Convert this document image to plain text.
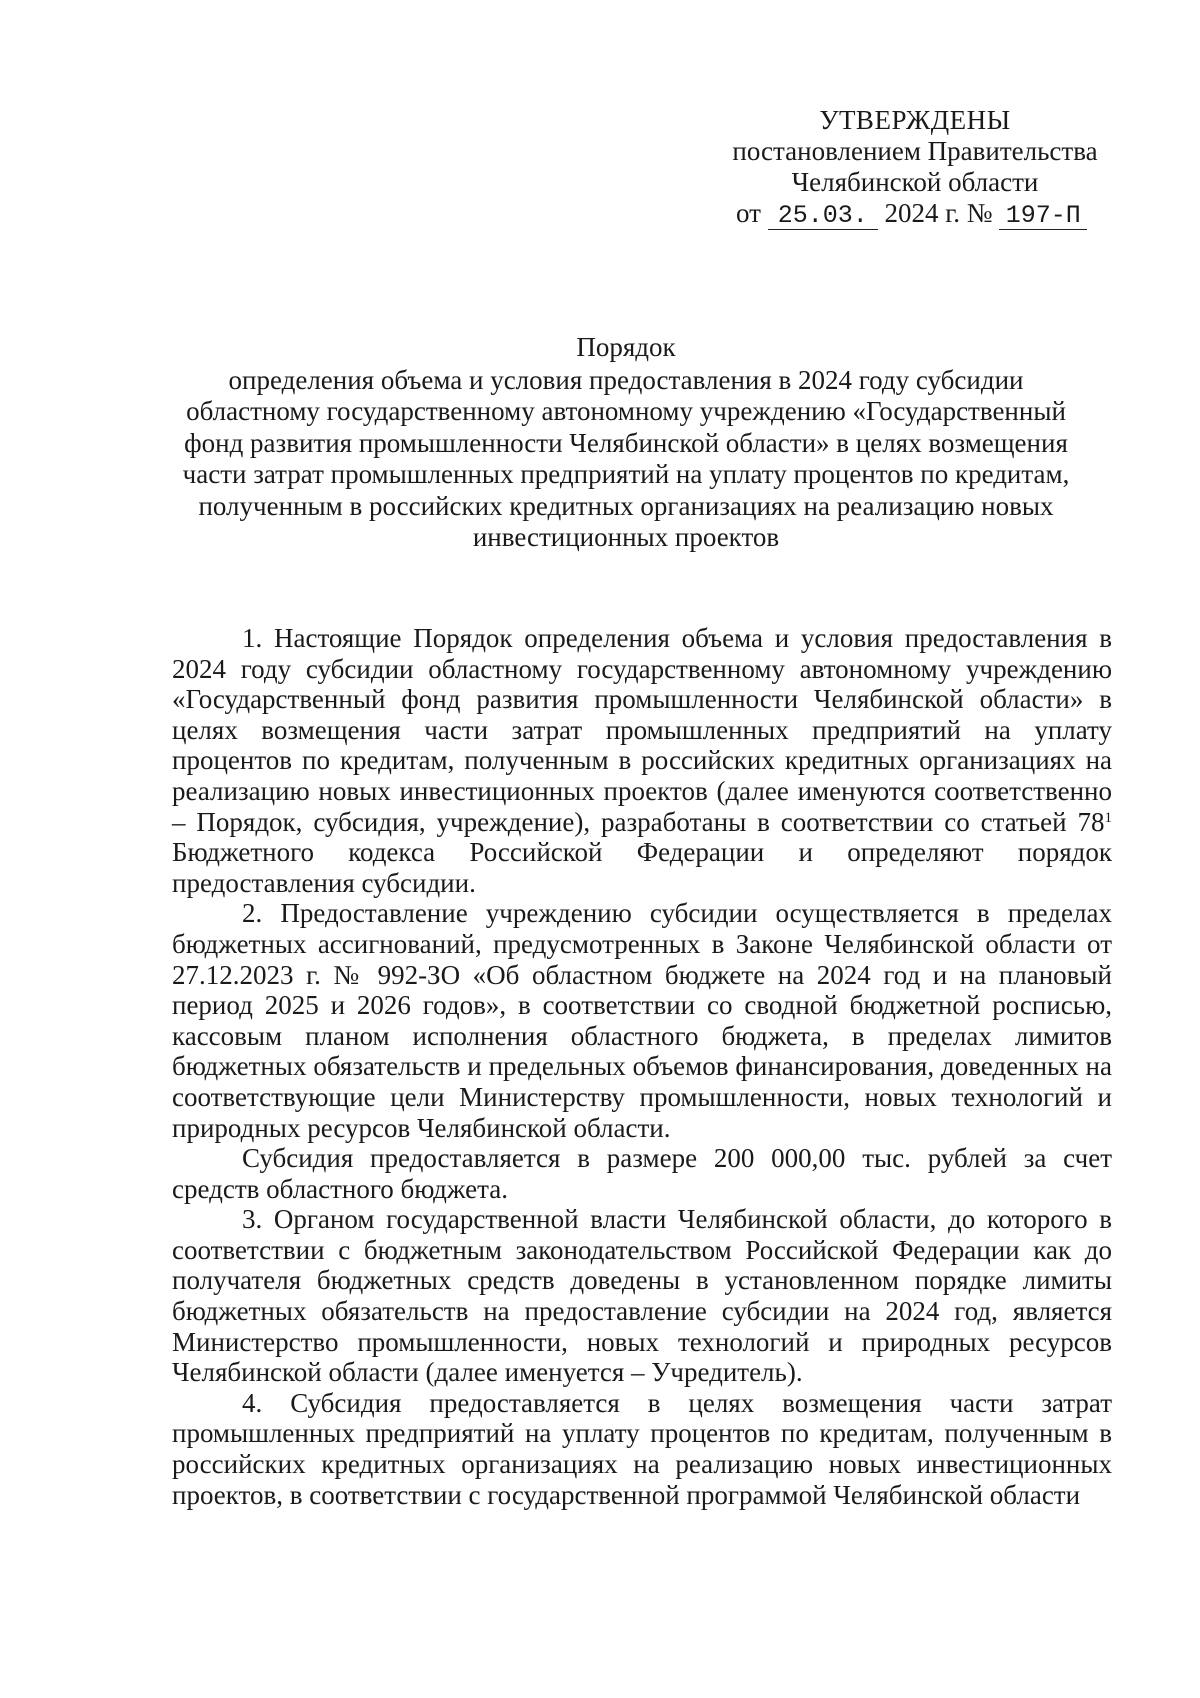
УТВЕРЖДЕНЫ
постановлением Правительства
Челябинской области
от 25.03. 2024 г. № 197-П
Порядок
определения объема и условия предоставления в 2024 году субсидии областному государственному автономному учреждению «Государственный фонд развития промышленности Челябинской области» в целях возмещения части затрат промышленных предприятий на уплату процентов по кредитам, полученным в российских кредитных организациях на реализацию новых инвестиционных проектов

1. Настоящие Порядок определения объема и условия предоставления в 2024 году субсидии областному государственному автономному учреждению «Государственный фонд развития промышленности Челябинской области» в целях возмещения части затрат промышленных предприятий на уплату процентов по кредитам, полученным в российских кредитных организациях на реализацию новых инвестиционных проектов (далее именуются соответственно – Порядок, субсидия, учреждение), разработаны в соответствии со статьей $78^1$ Бюджетного кодекса Российской Федерации и определяют порядок предоставления субсидии.

2. Предоставление учреждению субсидии осуществляется в пределах бюджетных ассигнований, предусмотренных в Законе Челябинской области от 27.12.2023 г. № 992-ЗО «Об областном бюджете на 2024 год и на плановый период 2025 и 2026 годов», в соответствии со сводной бюджетной росписью, кассовым планом исполнения областного бюджета, в пределах лимитов бюджетных обязательств и предельных объемов финансирования, доведенных на соответствующие цели Министерству промышленности, новых технологий и природных ресурсов Челябинской области.

Субсидия предоставляется в размере 200 000,00 тыс. рублей за счет средств областного бюджета.

3. Органом государственной власти Челябинской области, до которого в соответствии с бюджетным законодательством Российской Федерации как до получателя бюджетных средств доведены в установленном порядке лимиты бюджетных обязательств на предоставление субсидии на 2024 год, является Министерство промышленности, новых технологий и природных ресурсов Челябинской области (далее именуется – Учредитель).

4. Субсидия предоставляется в целях возмещения части затрат промышленных предприятий на уплату процентов по кредитам, полученным в российских кредитных организациях на реализацию новых инвестиционных проектов, в соответствии с государственной программой Челябинской области
